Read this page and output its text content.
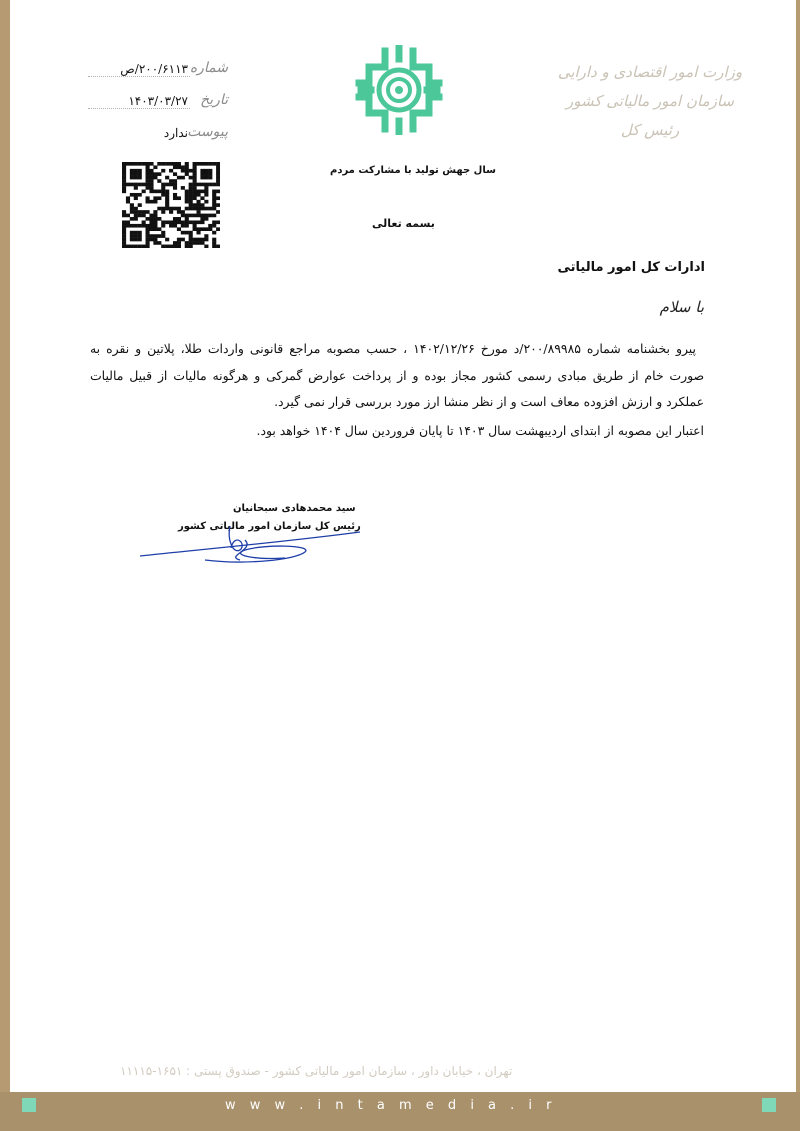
وزارت امور اقتصادی و دارایی
سازمان امور مالیاتی کشور
رئیس کل
شماره
۲۰۰/۶۱۱۳/ص
تاریخ
۱۴۰۳/۰۳/۲۷
پیوست
ندارد
سال جهش تولید با مشارکت مردم
بسمه تعالی
ادارات کل امور مالیاتی
با سلام

پیرو بخشنامه شماره ۲۰۰/۸۹۹۸۵/د مورخ ۱۴۰۲/۱۲/۲۶ ، حسب مصوبه مراجع قانونی واردات طلا، پلاتین و نقره به صورت خام از طریق مبادی رسمی کشور مجاز بوده و از پرداخت عوارض گمرکی و هرگونه مالیات از قبیل مالیات عملکرد و ارزش افزوده معاف است و از نظر منشا ارز مورد بررسی قرار نمی گیرد.

اعتبار این مصوبه از ابتدای اردیبهشت سال ۱۴۰۳ تا پایان فروردین سال ۱۴۰۴ خواهد بود.

سید محمدهادی سبحانیان
رئیس کل سازمان امور مالیاتی کشور
تهران ، خیابان داور ، سازمان امور مالیاتی کشور - صندوق پستی : ۱۶۵۱-۱۱۱۱۵
w w w . i n t a m e d i a . i r
